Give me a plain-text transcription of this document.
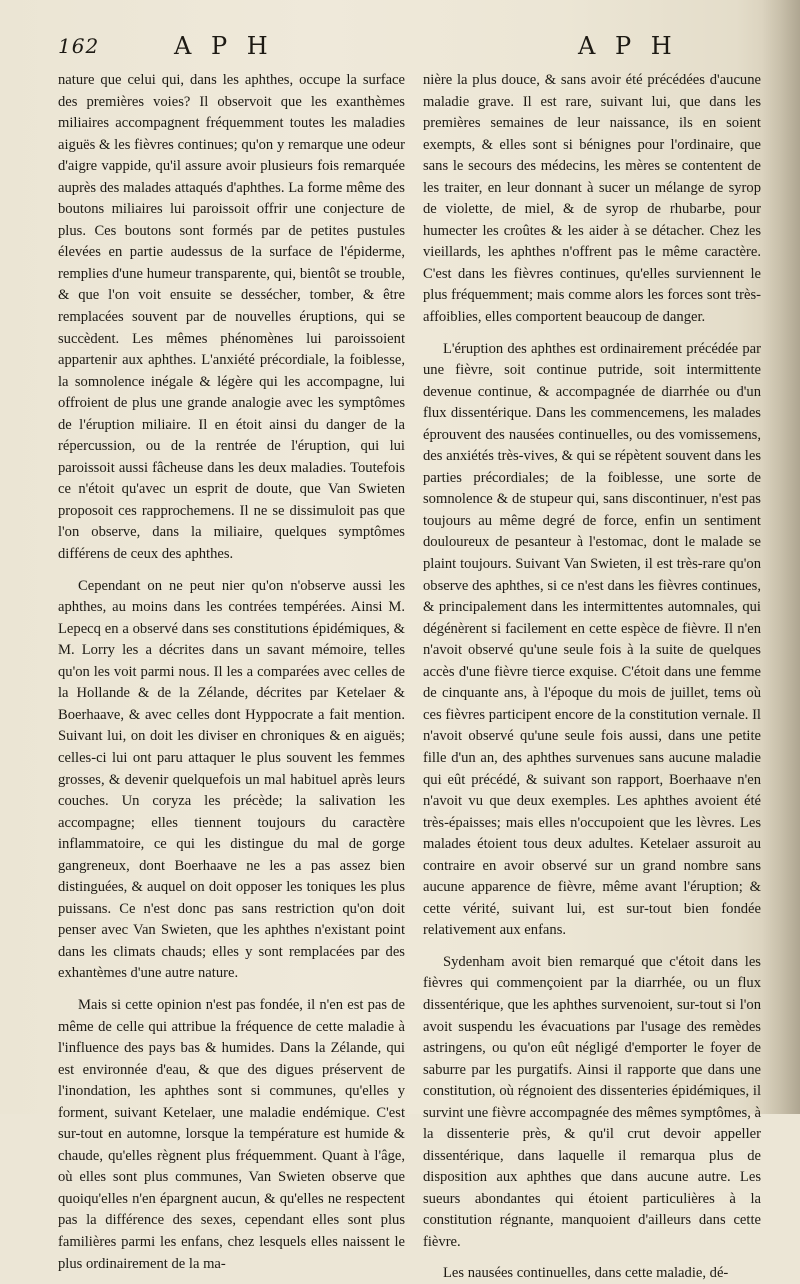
162	A P H	A P H

nature que celui qui, dans les aphthes, occupe la surface des premières voies? Il observoit que les exanthèmes miliaires accompagnent fréquemment toutes les maladies aiguës & les fièvres continues; qu'on y remarque une odeur d'aigre vappide, qu'il assure avoir plusieurs fois remarquée auprès des malades attaqués d'aphthes. La forme même des boutons miliaires lui paroissoit offrir une conjecture de plus. Ces boutons sont formés par de petites pustules élevées en partie audessus de la surface de l'épiderme, remplies d'une humeur transparente, qui, bientôt se trouble, & que l'on voit ensuite se dessécher, tomber, & être remplacées souvent par de nouvelles éruptions, qui se succèdent. Les mêmes phénomènes lui paroissoient appartenir aux aphthes. L'anxiété précordiale, la foiblesse, la somnolence inégale & légère qui les accompagne, lui offroient de plus une grande analogie avec les symptômes de l'éruption miliaire. Il en étoit ainsi du danger de la répercussion, ou de la rentrée de l'éruption, qui lui paroissoit aussi fâcheuse dans les deux maladies. Toutefois ce n'étoit qu'avec un esprit de doute, que Van Swieten proposoit ces rapprochemens. Il ne se dissimuloit pas que l'on observe, dans la miliaire, quelques symptômes différens de ceux des aphthes.

Cependant on ne peut nier qu'on n'observe aussi les aphthes, au moins dans les contrées tempérées. Ainsi M. Lepecq en a observé dans ses constitutions épidémiques, & M. Lorry les a décrites dans un savant mémoire, telles qu'on les voit parmi nous. Il les a comparées avec celles de la Hollande & de la Zélande, décrites par Ketelaer & Boerhaave, & avec celles dont Hyppocrate a fait mention. Suivant lui, on doit les diviser en chroniques & en aiguës; celles-ci lui ont paru attaquer le plus souvent les femmes grosses, & devenir quelquefois un mal habituel après leurs couches. Un coryza les précède; la salivation les accompagne; elles tiennent toujours du caractère inflammatoire, ce qui les distingue du mal de gorge gangreneux, dont Boerhaave ne les a pas assez bien distinguées, & auquel on doit opposer les toniques les plus puissans. Ce n'est donc pas sans restriction qu'on doit penser avec Van Swieten, que les aphthes n'existant point dans les climats chauds; elles y sont remplacées par des exhantèmes d'une autre nature.

Mais si cette opinion n'est pas fondée, il n'en est pas de même de celle qui attribue la fréquence de cette maladie à l'influence des pays bas & humides. Dans la Zélande, qui est environnée d'eau, & que des digues préservent de l'inondation, les aphthes sont si communes, qu'elles y forment, suivant Ketelaer, une maladie endémique. C'est sur-tout en automne, lorsque la température est humide & chaude, qu'elles règnent plus fréquemment. Quant à l'âge, où elles sont plus communes, Van Swieten observe que quoiqu'elles n'en épargnent aucun, & qu'elles ne respectent pas la différence des sexes, cependant elles sont plus familières parmi les enfans, chez lesquels elles naissent le plus ordinairement de la ma-

nière la plus douce, & sans avoir été précédées d'aucune maladie grave. Il est rare, suivant lui, que dans les premières semaines de leur naissance, ils en soient exempts, & elles sont si bénignes pour l'ordinaire, que sans le secours des médecins, les mères se contentent de les traiter, en leur donnant à sucer un mélange de syrop de violette, de miel, & de syrop de rhubarbe, pour humecter les croûtes & les aider à se détacher. Chez les vieillards, les aphthes n'offrent pas le même caractère. C'est dans les fièvres continues, qu'elles surviennent le plus fréquemment; mais comme alors les forces sont très-affoiblies, elles comportent beaucoup de danger.

L'éruption des aphthes est ordinairement précédée par une fièvre, soit continue putride, soit intermittente devenue continue, & accompagnée de diarrhée ou d'un flux dissentérique. Dans les commencemens, les malades éprouvent des nausées continuelles, ou des vomissemens, des anxiétés très-vives, & qui se répètent souvent dans les parties précordiales; de la foiblesse, une sorte de somnolence & de stupeur qui, sans discontinuer, n'est pas toujours au même degré de force, enfin un sentiment douloureux de pesanteur à l'estomac, dont le malade se plaint toujours. Suivant Van Swieten, il est très-rare qu'on observe des aphthes, si ce n'est dans les fièvres continues, & principalement dans les intermittentes automnales, qui dégénèrent si facilement en cette espèce de fièvre. Il n'en n'avoit observé qu'une seule fois à la suite de quelques accès d'une fièvre tierce exquise. C'étoit dans une femme de cinquante ans, à l'époque du mois de juillet, tems où ces fièvres participent encore de la constitution vernale. Il n'avoit observé qu'une seule fois aussi, dans une petite fille d'un an, des aphthes survenues sans aucune maladie qui eût précédé, & suivant son rapport, Boerhaave n'en n'avoit vu que deux exemples. Les aphthes avoient été très-épaisses; mais elles n'occupoient que les lèvres. Les malades étoient tous deux adultes. Ketelaer assuroit au contraire en avoir observé sur un grand nombre sans aucune apparence de fièvre, même avant l'éruption; & cette vérité, suivant lui, est sur-tout bien fondée relativement aux enfans.

Sydenham avoit bien remarqué que c'étoit dans les fièvres qui commençoient par la diarrhée, ou un flux dissentérique, que les aphthes survenoient, sur-tout si l'on avoit suspendu les évacuations par l'usage des remèdes astringens, ou qu'on eût négligé d'emporter le foyer de saburre par les purgatifs. Ainsi il rapporte que dans une constitution, où régnoient des dissenteries épidémiques, il survint une fièvre accompagnée des mêmes symptômes, à la dissenterie près, & qu'il crut devoir appeller dissentérique, dans laquelle il remarqua plus de disposition aux aphthes que dans aucune autre. Les sueurs abondantes qui étoient particulières à la constitution régnante, manquoient d'ailleurs dans cette fièvre.

Les nausées continuelles, dans cette maladie, dé-
